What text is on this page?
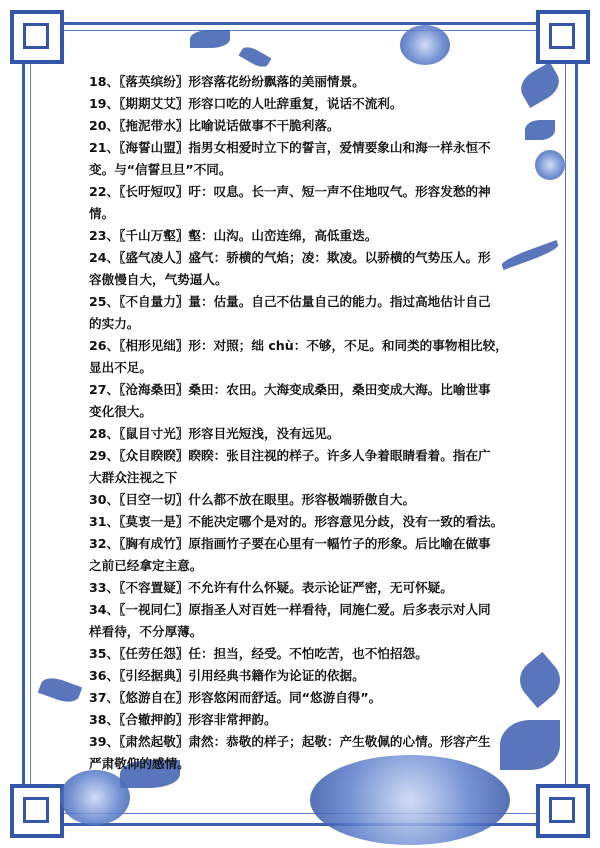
18、〖落英缤纷〗形容落花纷纷飘落的美丽情景。
19、〖期期艾艾〗形容口吃的人吐辞重复，说话不流利。
20、〖拖泥带水〗比喻说话做事不干脆利落。
21、〖海誓山盟〗指男女相爱时立下的誓言，爱情要象山和海一样永恒不
变。与“信誓旦旦”不同。
22、〖长吁短叹〗吁：叹息。长一声、短一声不住地叹气。形容发愁的神
情。
23、〖千山万壑〗壑：山沟。山峦连绵，高低重迭。
24、〖盛气凌人〗盛气：骄横的气焰；凌：欺凌。以骄横的气势压人。形
容傲慢自大，气势逼人。
25、〖不自量力〗量：估量。自己不估量自己的能力。指过高地估计自己
的实力。
26、〖相形见绌〗形：对照；绌 chù：不够，不足。和同类的事物相比较，
显出不足。
27、〖沧海桑田〗桑田：农田。大海变成桑田，桑田变成大海。比喻世事
变化很大。
28、〖鼠目寸光〗形容目光短浅，没有远见。
29、〖众目睽睽〗睽睽：张目注视的样子。许多人争着眼睛看着。指在广
大群众注视之下
30、〖目空一切〗什么都不放在眼里。形容极端骄傲自大。
31、〖莫衷一是〗不能决定哪个是对的。形容意见分歧，没有一致的看法。
32、〖胸有成竹〗原指画竹子要在心里有一幅竹子的形象。后比喻在做事
之前已经拿定主意。
33、〖不容置疑〗不允许有什么怀疑。表示论证严密，无可怀疑。
34、〖一视同仁〗原指圣人对百姓一样看待，同施仁爱。后多表示对人同
样看待，不分厚薄。
35、〖任劳任怨〗任：担当，经受。不怕吃苦，也不怕招怨。
36、〖引经据典〗引用经典书籍作为论证的依据。
37、〖悠游自在〗形容悠闲而舒适。同“悠游自得”。
38、〖合辙押韵〗形容非常押韵。
39、〖肃然起敬〗肃然：恭敬的样子；起敬：产生敬佩的心情。形容产生
严肃敬仰的感情。
